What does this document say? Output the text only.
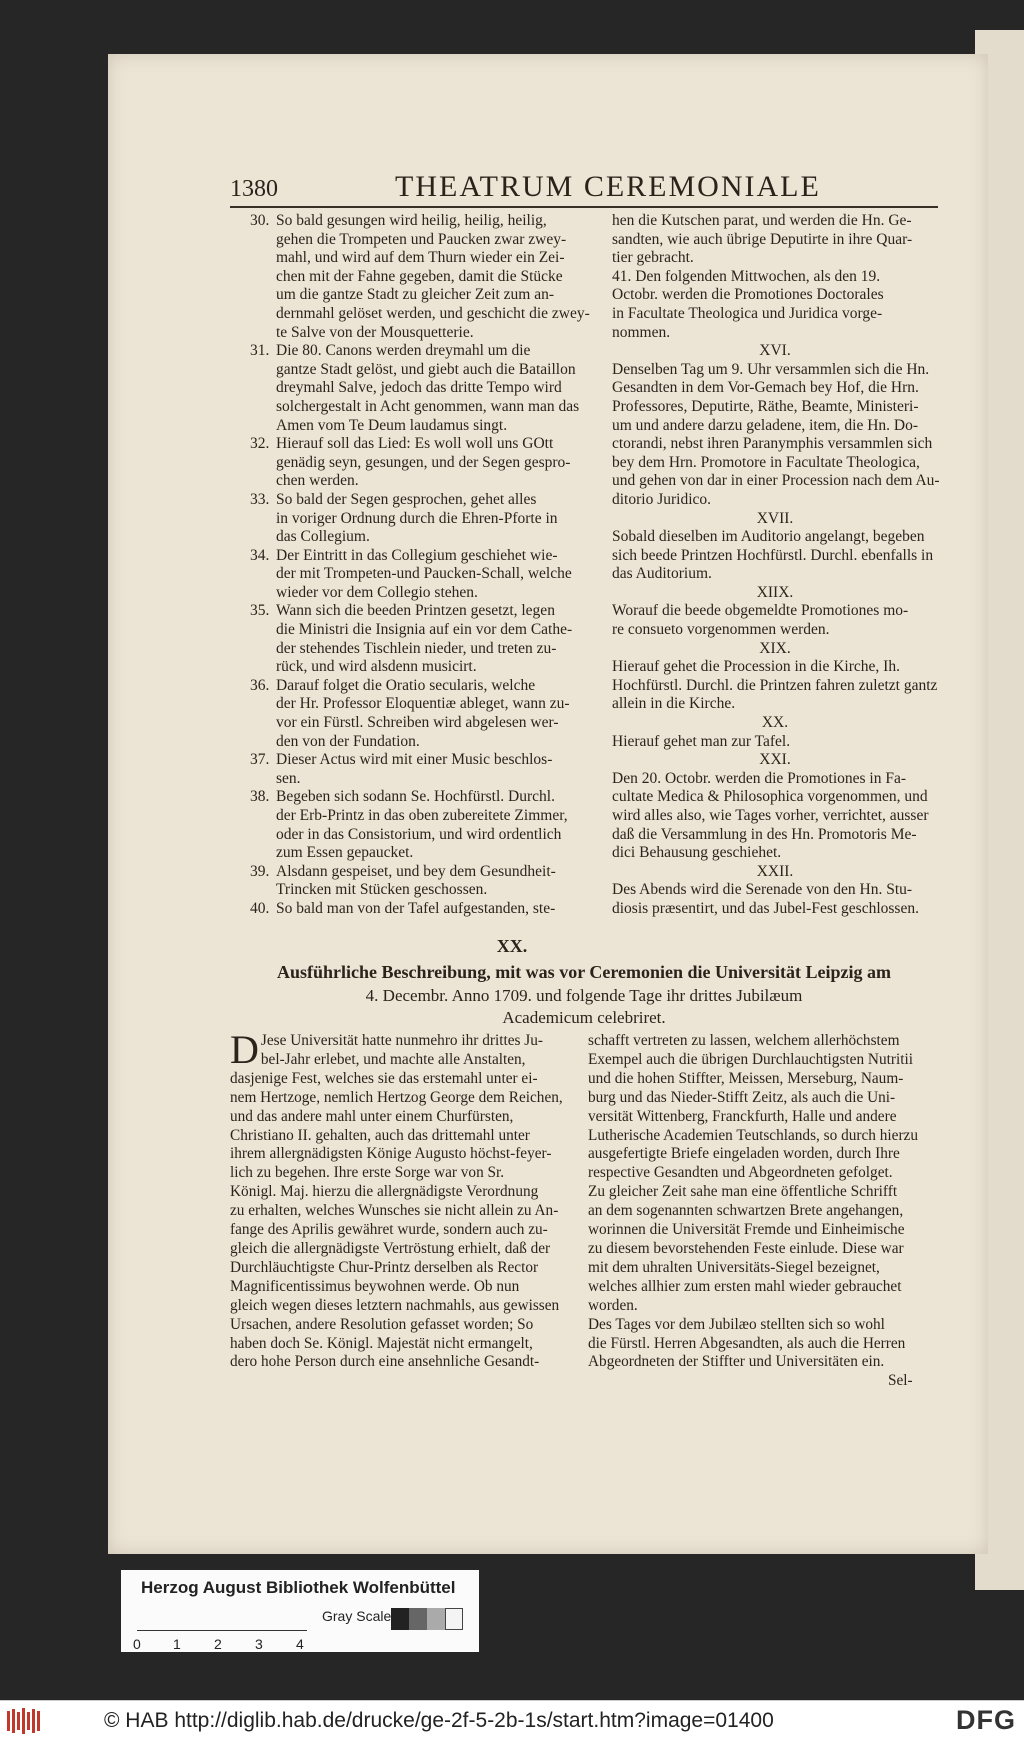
1380	THEATRUM CEREMONIALE

30. So bald gesungen wird heilig, heilig, heilig,

gehen die Trompeten und Paucken zwar zwey-

mahl, und wird auf dem Thurn wieder ein Zei-

chen mit der Fahne gegeben, damit die Stücke

um die gantze Stadt zu gleicher Zeit zum an-

dernmahl gelöset werden, und geschicht die zwey-

te Salve von der Mousquetterie.

31. Die 80. Canons werden dreymahl um die

gantze Stadt gelöst, und giebt auch die Bataillon

dreymahl Salve, jedoch das dritte Tempo wird

solchergestalt in Acht genommen, wann man das

Amen vom Te Deum laudamus singt.

32. Hierauf soll das Lied: Es woll woll uns GOtt

genädig seyn, gesungen, und der Segen gespro-

chen werden.

33. So bald der Segen gesprochen, gehet alles

in voriger Ordnung durch die Ehren-Pforte in

das Collegium.

34. Der Eintritt in das Collegium geschiehet wie-

der mit Trompeten-und Paucken-Schall, welche

wieder vor dem Collegio stehen.

35. Wann sich die beeden Printzen gesetzt, legen

die Ministri die Insignia auf ein vor dem Cathe-

der stehendes Tischlein nieder, und treten zu-

rück, und wird alsdenn musicirt.

36. Darauf folget die Oratio secularis, welche

der Hr. Professor Eloquentiæ ableget, wann zu-

vor ein Fürstl. Schreiben wird abgelesen wer-

den von der Fundation.

37. Dieser Actus wird mit einer Music beschlos-

sen.

38. Begeben sich sodann Se. Hochfürstl. Durchl.

der Erb-Printz in das oben zubereitete Zimmer,

oder in das Consistorium, und wird ordentlich

zum Essen gepaucket.

39. Alsdann gespeiset, und bey dem Gesundheit-

Trincken mit Stücken geschossen.

40. So bald man von der Tafel aufgestanden, ste-

hen die Kutschen parat, und werden die Hn. Ge-

sandten, wie auch übrige Deputirte in ihre Quar-

tier gebracht.

41. Den folgenden Mittwochen, als den 19.

Octobr. werden die Promotiones Doctorales

in Facultate Theologica und Juridica vorge-

nommen.

XVI.

Denselben Tag um 9. Uhr versammlen sich die Hn.

Gesandten in dem Vor-Gemach bey Hof, die Hrn.

Professores, Deputirte, Räthe, Beamte, Ministeri-

um und andere darzu geladene, item, die Hn. Do-

ctorandi, nebst ihren Paranymphis versammlen sich

bey dem Hrn. Promotore in Facultate Theologica,

und gehen von dar in einer Procession nach dem Au-

ditorio Juridico.

XVII.

Sobald dieselben im Auditorio angelangt, begeben

sich beede Printzen Hochfürstl. Durchl. ebenfalls in

das Auditorium.

XIIX.

Worauf die beede obgemeldte Promotiones mo-

re consueto vorgenommen werden.

XIX.

Hierauf gehet die Procession in die Kirche, Ih.

Hochfürstl. Durchl. die Printzen fahren zuletzt gantz

allein in die Kirche.

XX.

Hierauf gehet man zur Tafel.

XXI.

Den 20. Octobr. werden die Promotiones in Fa-

cultate Medica & Philosophica vorgenommen, und

wird alles also, wie Tages vorher, verrichtet, ausser

daß die Versammlung in des Hn. Promotoris Me-

dici Behausung geschiehet.

XXII.

Des Abends wird die Serenade von den Hn. Stu-

diosis præsentirt, und das Jubel-Fest geschlossen.

XX.
Ausführliche Beschreibung, mit was vor Ceremonien die Universität Leipzig am
4. Decembr. Anno 1709. und folgende Tage ihr drittes Jubilæum
Academicum celebriret.
D Jese Universität hatte nunmehro ihr drittes Ju-

bel-Jahr erlebet, und machte alle Anstalten,

dasjenige Fest, welches sie das erstemahl unter ei-

nem Hertzoge, nemlich Hertzog George dem Reichen,

und das andere mahl unter einem Churfürsten,

Christiano II. gehalten, auch das drittemahl unter

ihrem allergnädigsten Könige Augusto höchst-feyer-

lich zu begehen. Ihre erste Sorge war von Sr.

Königl. Maj. hierzu die allergnädigste Verordnung

zu erhalten, welches Wunsches sie nicht allein zu An-

fange des Aprilis gewähret wurde, sondern auch zu-

gleich die allergnädigste Vertröstung erhielt, daß der

Durchläuchtigste Chur-Printz derselben als Rector

Magnificentissimus beywohnen werde. Ob nun

gleich wegen dieses letztern nachmahls, aus gewissen

Ursachen, andere Resolution gefasset worden; So

haben doch Se. Königl. Majestät nicht ermangelt,

dero hohe Person durch eine ansehnliche Gesandt-

schafft vertreten zu lassen, welchem allerhöchstem

Exempel auch die übrigen Durchlauchtigsten Nutritii

und die hohen Stiffter, Meissen, Merseburg, Naum-

burg und das Nieder-Stifft Zeitz, als auch die Uni-

versität Wittenberg, Franckfurth, Halle und andere

Lutherische Academien Teutschlands, so durch hierzu

ausgefertigte Briefe eingeladen worden, durch Ihre

respective Gesandten und Abgeordneten gefolget.

Zu gleicher Zeit sahe man eine öffentliche Schrifft

an dem sogenannten schwartzen Brete angehangen,

worinnen die Universität Fremde und Einheimische

zu diesem bevorstehenden Feste einlude. Diese war

mit dem uhralten Universitäts-Siegel bezeignet,

welches allhier zum ersten mahl wieder gebrauchet

worden.

Des Tages vor dem Jubilæo stellten sich so wohl

die Fürstl. Herren Abgesandten, als auch die Herren

Abgeordneten der Stiffter und Universitäten ein.

Sel-
Herzog August Bibliothek Wolfenbüttel
0 1 2 3 4
Gray Scale
© HAB http://diglib.hab.de/drucke/ge-2f-5-2b-1s/start.htm?image=01400	DFG
